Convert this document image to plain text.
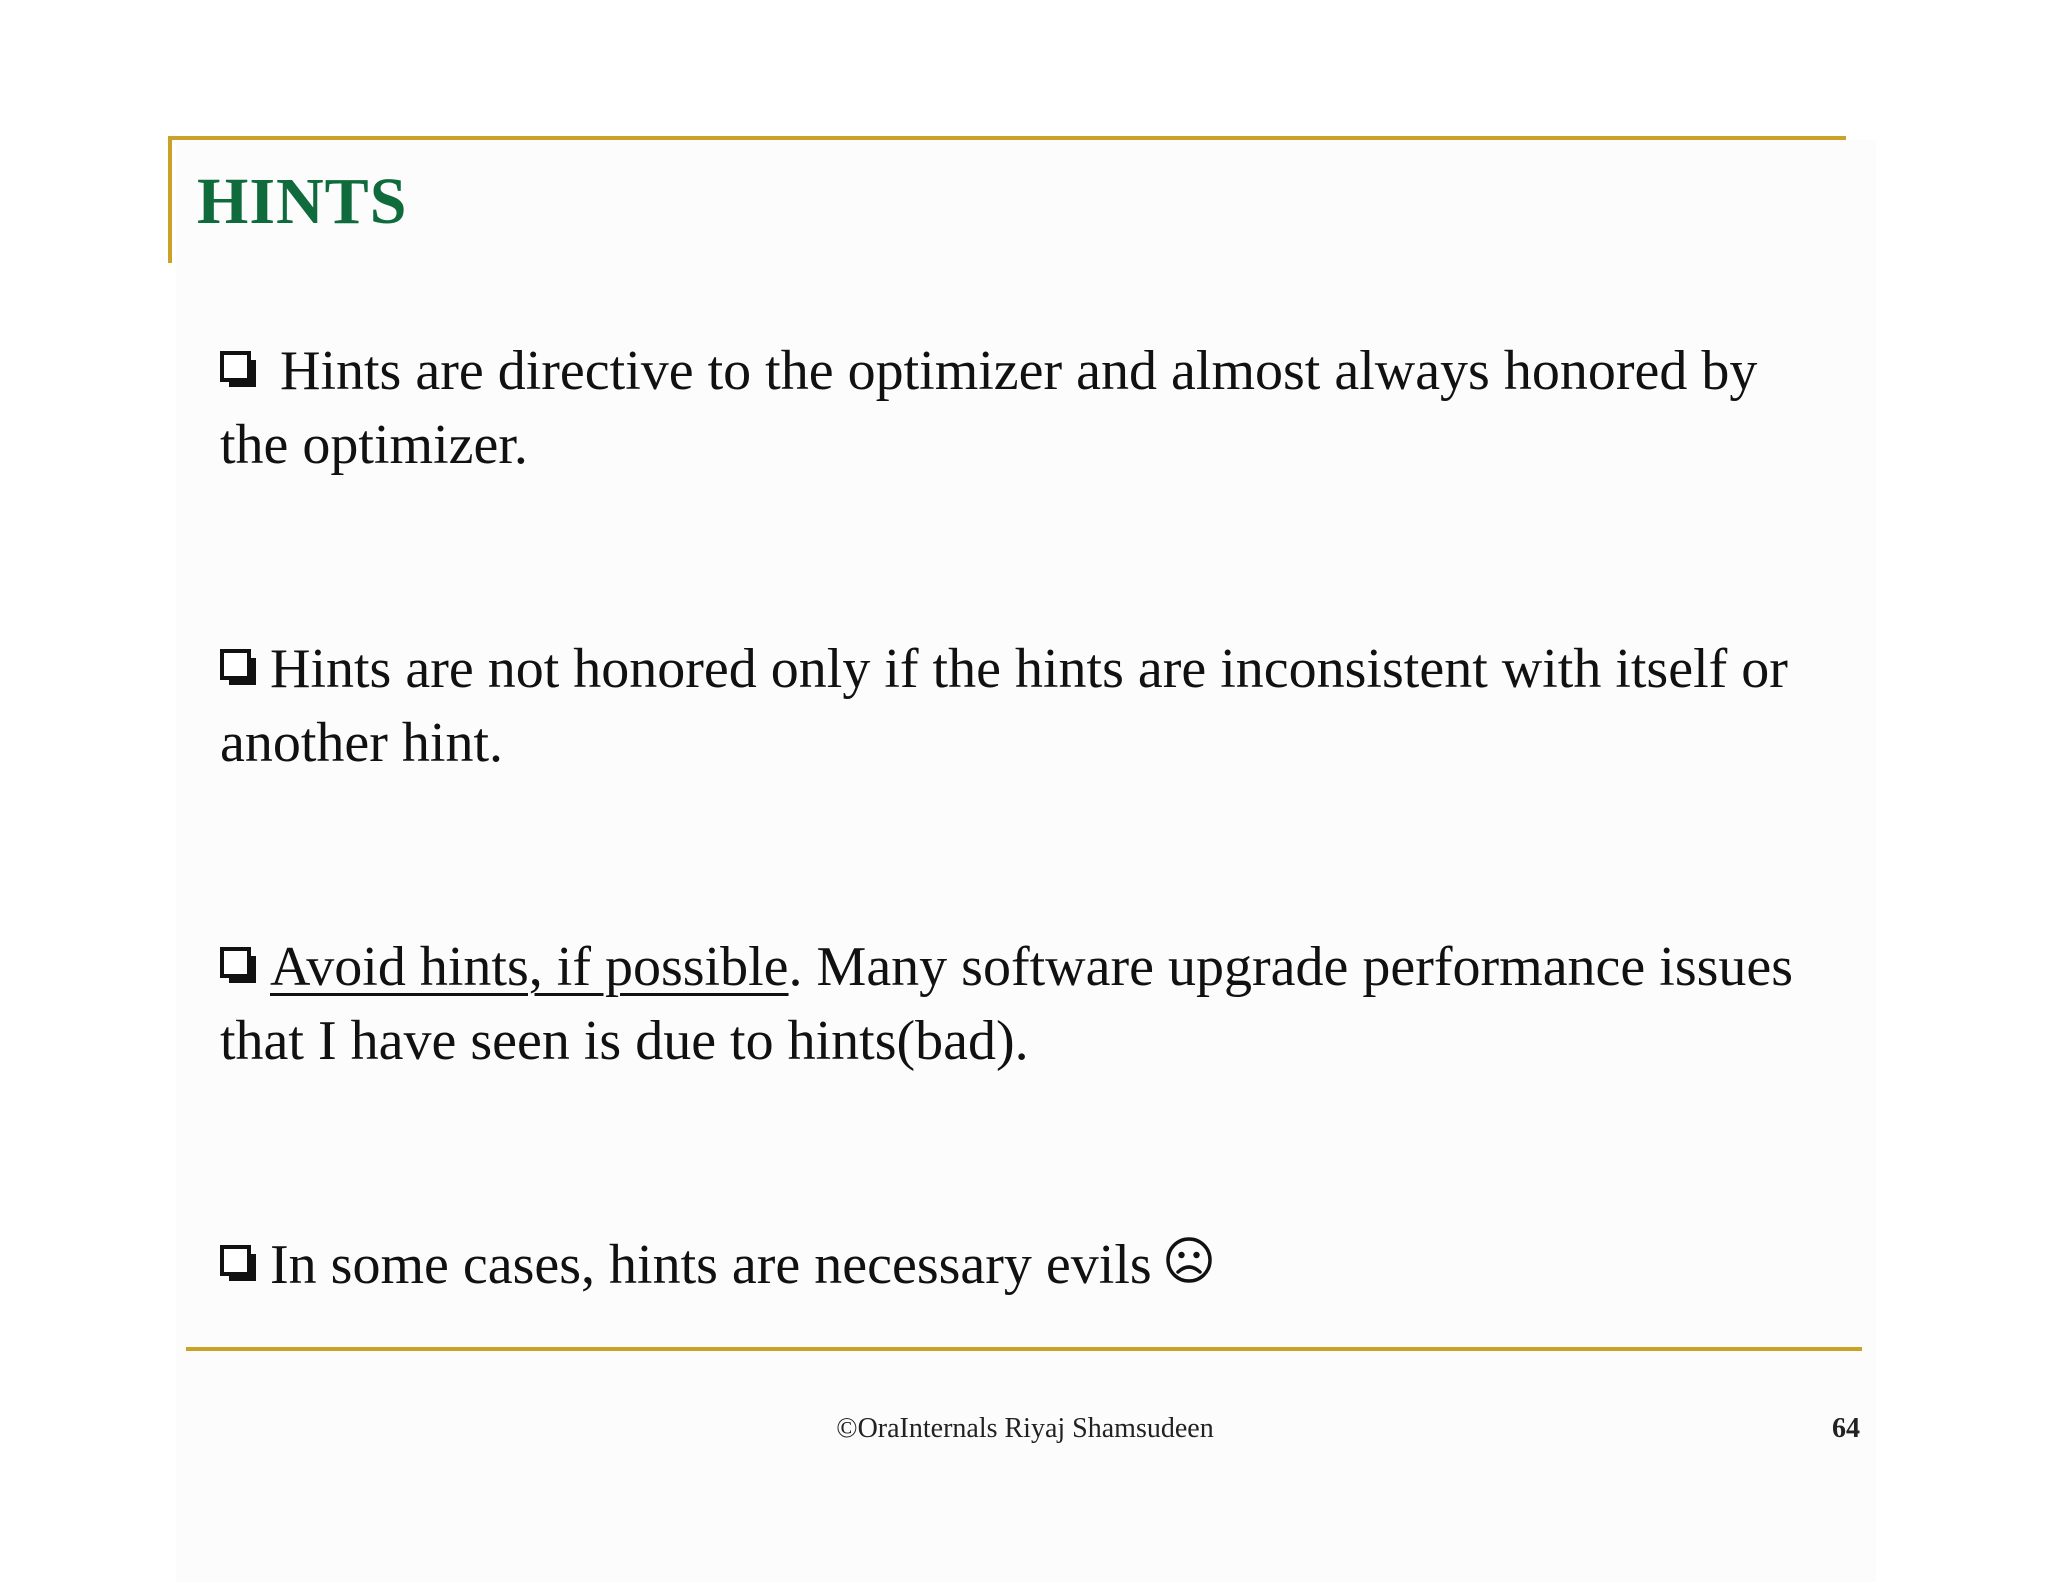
HINTS
Hints are directive to the optimizer and almost always honored by the optimizer.
Hints are not honored only if the hints are inconsistent with itself or another hint.
Avoid hints, if possible. Many software upgrade performance issues that I have seen is due to hints(bad).
In some cases, hints are necessary evils
©OraInternals Riyaj Shamsudeen	64
